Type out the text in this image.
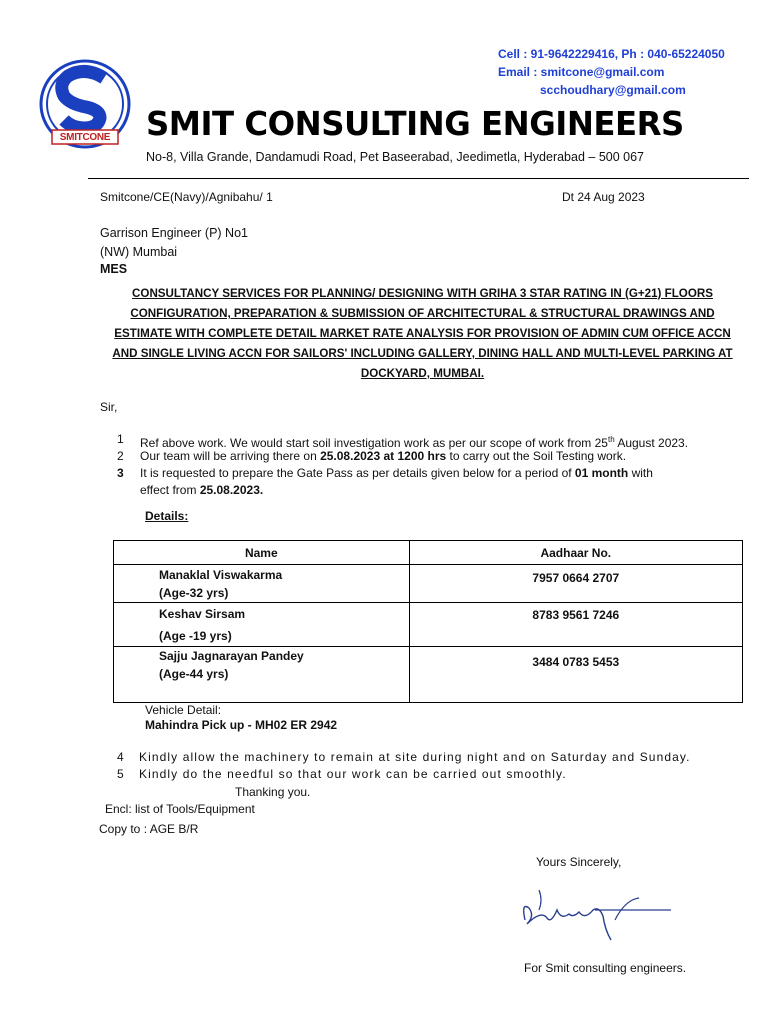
SMITCONE
Cell : 91-9642229416, Ph : 040-65224050
Email : smitcone@gmail.com
scchoudhary@gmail.com
SMIT CONSULTING ENGINEERS
No-8, Villa Grande, Dandamudi Road, Pet Baseerabad, Jeedimetla, Hyderabad – 500 067
Smitcone/CE(Navy)/Agnibahu/ 1	Dt 24 Aug 2023
Garrison Engineer (P) No1
(NW) Mumbai
MES
CONSULTANCY SERVICES FOR PLANNING/ DESIGNING WITH GRIHA 3 STAR RATING IN (G+21) FLOORS
CONFIGURATION, PREPARATION & SUBMISSION OF ARCHITECTURAL & STRUCTURAL DRAWINGS AND
ESTIMATE WITH COMPLETE DETAIL MARKET RATE ANALYSIS FOR PROVISION OF ADMIN CUM OFFICE ACCN
AND SINGLE LIVING ACCN FOR SAILORS' INCLUDING GALLERY, DINING HALL AND MULTI-LEVEL PARKING AT
DOCKYARD, MUMBAI.
Sir,
1 Ref above work. We would start soil investigation work as per our scope of work from 25th August 2023.
2 Our team will be arriving there on 25.08.2023 at 1200 hrs to carry out the Soil Testing work.
3 It is requested to prepare the Gate Pass as per details given below for a period of 01 month with
effect from 25.08.2023.
Details:
Name	Aadhaar No.

Manaklal Viswakarma
(Age-32 yrs)	7957 0664 2707

Keshav Sirsam
(Age -19 yrs)	8783 9561 7246

Sajju Jagnarayan Pandey
(Age-44 yrs)	3484 0783 5453
Vehicle Detail:
Mahindra Pick up - MH02 ER 2942
4 Kindly allow the machinery to remain at site during night and on Saturday and Sunday.
5 Kindly do the needful so that our work can be carried out smoothly.
Thanking you.
Encl: list of Tools/Equipment
Copy to : AGE B/R
Yours Sincerely,
For Smit consulting engineers.
